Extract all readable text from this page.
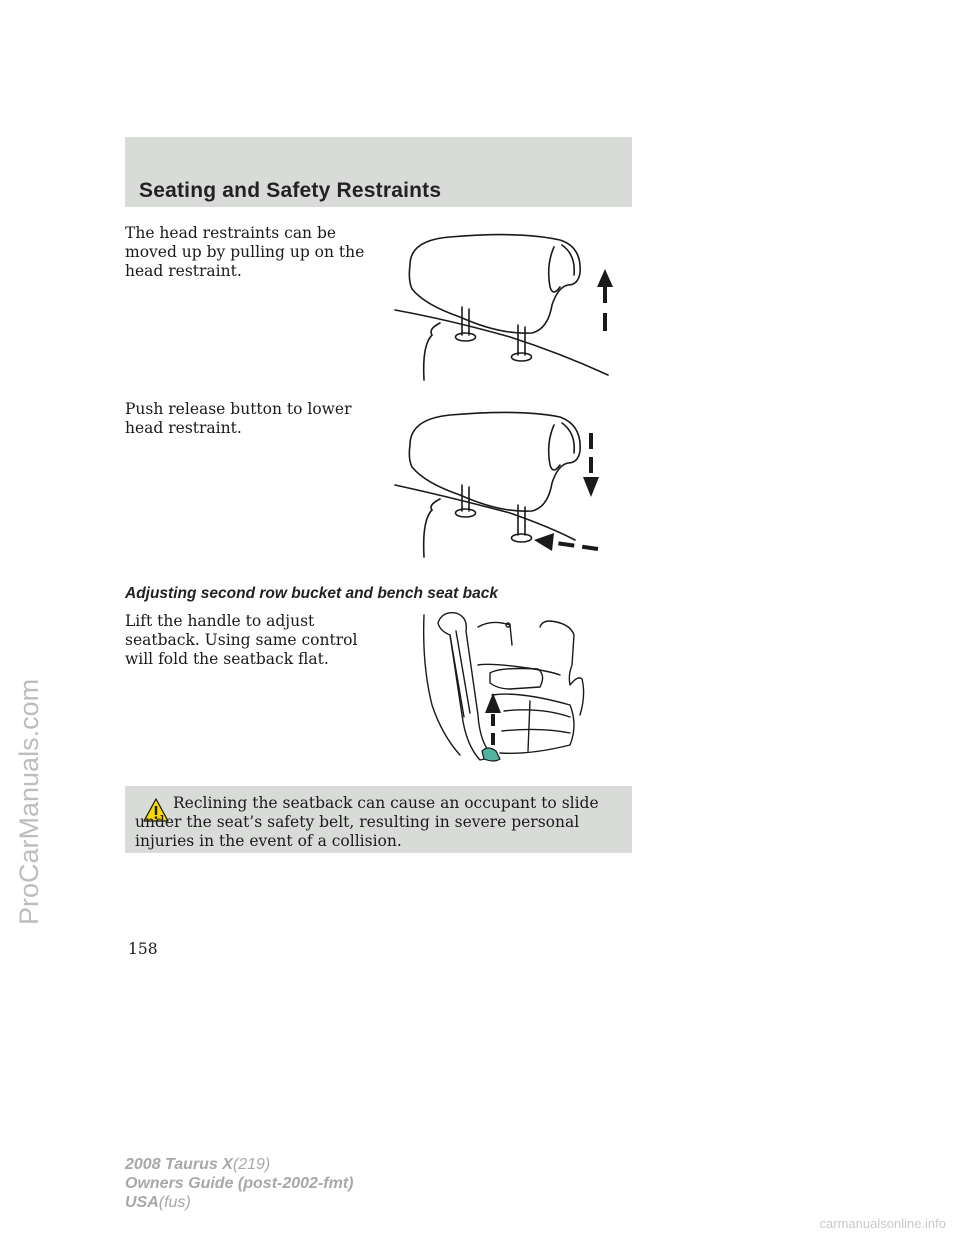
Seating and Safety Restraints

The head restraints can be moved up by pulling up on the head restraint.

Push release button to lower head restraint.

Adjusting second row bucket and bench seat back

Lift the handle to adjust seatback. Using same control will fold the seatback flat.

Reclining the seatback can cause an occupant to slide under the seat’s safety belt, resulting in severe personal injuries in the event of a collision.

158

2008 Taurus X(219)
Owners Guide (post-2002-fmt)
USA(fus)

ProCarManuals.com

carmanualsonline.info
